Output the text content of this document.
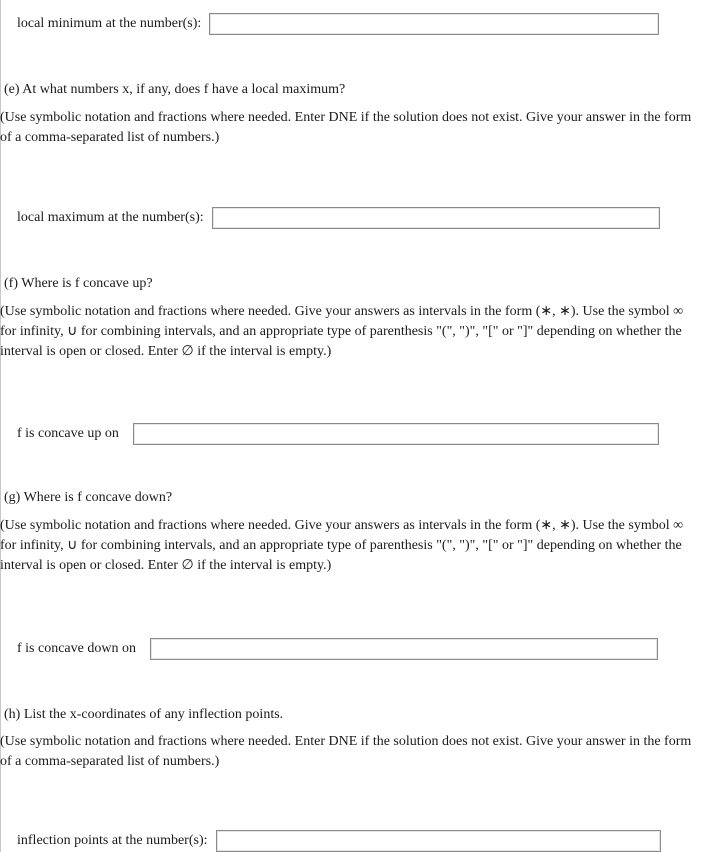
local minimum at the number(s):
(e) At what numbers x, if any, does f have a local maximum?
(Use symbolic notation and fractions where needed. Enter DNE if the solution does not exist. Give your answer in the form of a comma-separated list of numbers.)
local maximum at the number(s):
(f) Where is f concave up?
(Use symbolic notation and fractions where needed. Give your answers as intervals in the form (∗, ∗). Use the symbol ∞ for infinity, ∪ for combining intervals, and an appropriate type of parenthesis "(", ")", "[" or "]" depending on whether the interval is open or closed. Enter ∅ if the interval is empty.)
f is concave up on
(g) Where is f concave down?
(Use symbolic notation and fractions where needed. Give your answers as intervals in the form (∗, ∗). Use the symbol ∞ for infinity, ∪ for combining intervals, and an appropriate type of parenthesis "(", ")", "[" or "]" depending on whether the interval is open or closed. Enter ∅ if the interval is empty.)
f is concave down on
(h) List the x-coordinates of any inflection points.
(Use symbolic notation and fractions where needed. Enter DNE if the solution does not exist. Give your answer in the form of a comma-separated list of numbers.)
inflection points at the number(s):
